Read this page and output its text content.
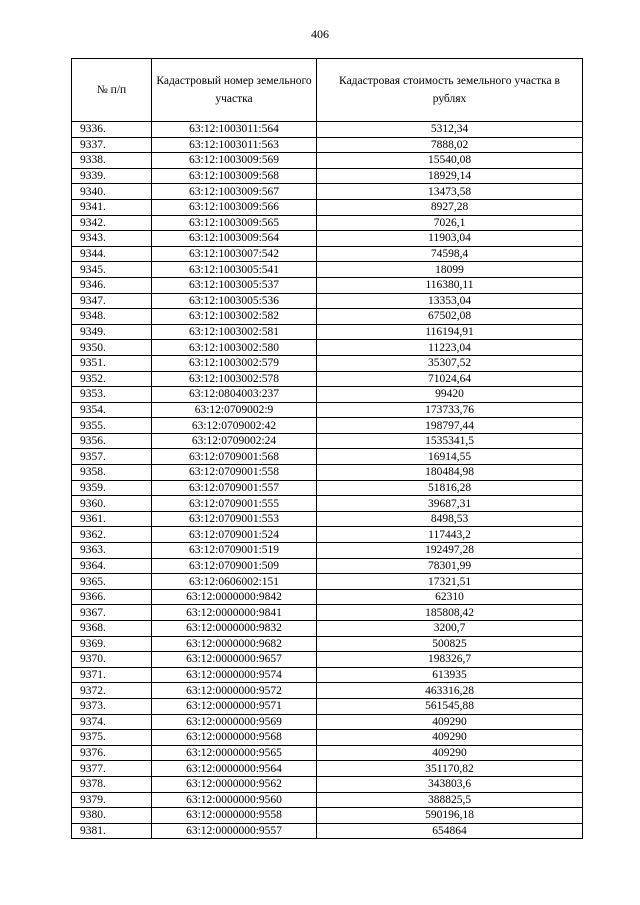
406
№ п/п	Кадастровый номер земельного участка	Кадастровая стоимость земельного участка в рублях
9336.	63:12:1003011:564	5312,34
9337.	63:12:1003011:563	7888,02
9338.	63:12:1003009:569	15540,08
9339.	63:12:1003009:568	18929,14
9340.	63:12:1003009:567	13473,58
9341.	63:12:1003009:566	8927,28
9342.	63:12:1003009:565	7026,1
9343.	63:12:1003009:564	11903,04
9344.	63:12:1003007:542	74598,4
9345.	63:12:1003005:541	18099
9346.	63:12:1003005:537	116380,11
9347.	63:12:1003005:536	13353,04
9348.	63:12:1003002:582	67502,08
9349.	63:12:1003002:581	116194,91
9350.	63:12:1003002:580	11223,04
9351.	63:12:1003002:579	35307,52
9352.	63:12:1003002:578	71024,64
9353.	63:12:0804003:237	99420
9354.	63:12:0709002:9	173733,76
9355.	63:12:0709002:42	198797,44
9356.	63:12:0709002:24	1535341,5
9357.	63:12:0709001:568	16914,55
9358.	63:12:0709001:558	180484,98
9359.	63:12:0709001:557	51816,28
9360.	63:12:0709001:555	39687,31
9361.	63:12:0709001:553	8498,53
9362.	63:12:0709001:524	117443,2
9363.	63:12:0709001:519	192497,28
9364.	63:12:0709001:509	78301,99
9365.	63:12:0606002:151	17321,51
9366.	63:12:0000000:9842	62310
9367.	63:12:0000000:9841	185808,42
9368.	63:12:0000000:9832	3200,7
9369.	63:12:0000000:9682	500825
9370.	63:12:0000000:9657	198326,7
9371.	63:12:0000000:9574	613935
9372.	63:12:0000000:9572	463316,28
9373.	63:12:0000000:9571	561545,88
9374.	63:12:0000000:9569	409290
9375.	63:12:0000000:9568	409290
9376.	63:12:0000000:9565	409290
9377.	63:12:0000000:9564	351170,82
9378.	63:12:0000000:9562	343803,6
9379.	63:12:0000000:9560	388825,5
9380.	63:12:0000000:9558	590196,18
9381.	63:12:0000000:9557	654864
